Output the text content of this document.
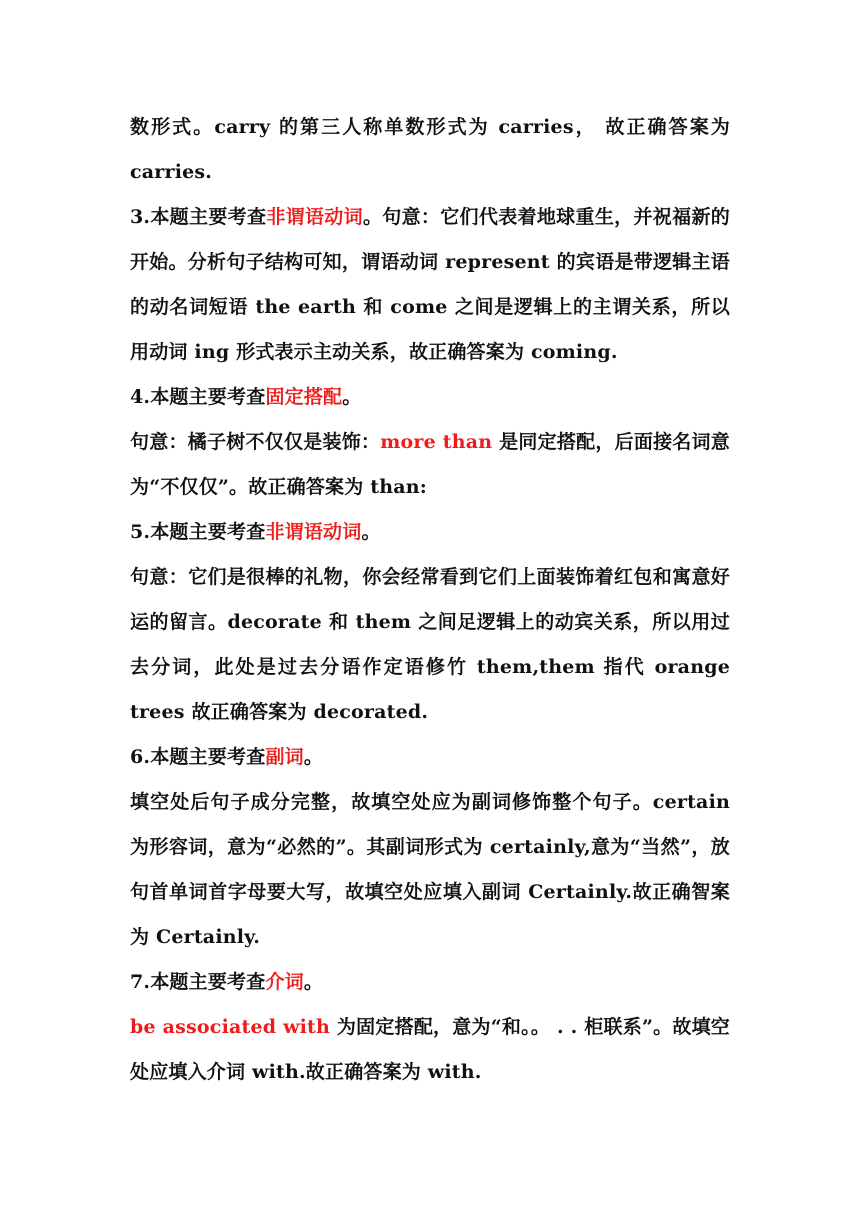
数形式。carry 的第三人称单数形式为 carries， 故正确答案为 carries.

3.本题主要考查非谓语动词。句意：它们代表着地球重生，并祝福新的开始。分析句子结构可知，谓语动词 represent 的宾语是带逻辑主语的动名词短语 the earth 和 come 之间是逻辑上的主谓关系，所以用动词 ing 形式表示主动关系，故正确答案为 coming.

4.本题主要考查固定搭配。

句意：橘子树不仅仅是装饰：more than 是同定搭配，后面接名词意为“不仅仅”。故正确答案为 than:

5.本题主要考查非谓语动词。

句意：它们是很棒的礼物，你会经常看到它们上面装饰着红包和寓意好运的留言。decorate 和 them 之间足逻辑上的动宾关系，所以用过去分词，此处是过去分语作定语修竹 them,them 指代 orange trees 故正确答案为 decorated.

6.本题主要考查副词。

填空处后句子成分完整，故填空处应为副词修饰整个句子。certain 为形容词，意为“必然的”。其副词形式为 certainly,意为“当然”，放句首单词首字母要大写，故填空处应填入副词 Certainly.故正确智案为 Certainly.

7.本题主要考查介词。

be associated with 为固定搭配，意为“和。。 . . 柜联系”。故填空处应填入介词 with.故正确答案为 with.
